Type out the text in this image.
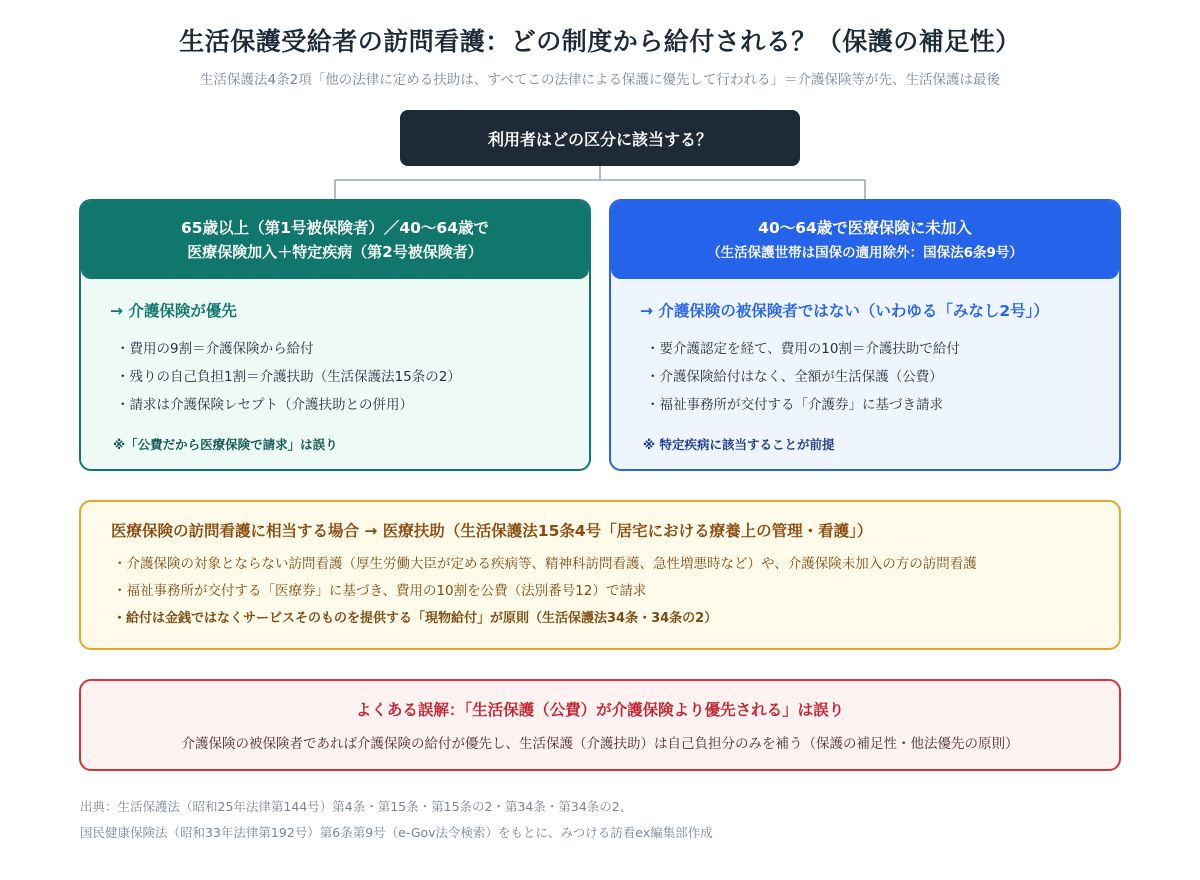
生活保護受給者の訪問看護：どの制度から給付される？（保護の補足性）
生活保護法4条2項「他の法律に定める扶助は、すべてこの法律による保護に優先して行われる」＝介護保険等が先、生活保護は最後
利用者はどの区分に該当する？
65歳以上（第1号被保険者）／40〜64歳で
医療保険加入＋特定疾病（第2号被保険者）
→ 介護保険が優先
・費用の9割＝介護保険から給付
・残りの自己負担1割＝介護扶助（生活保護法15条の2）
・請求は介護保険レセプト（介護扶助との併用）
※「公費だから医療保険で請求」は誤り
40〜64歳で医療保険に未加入
（生活保護世帯は国保の適用除外：国保法6条9号）
→ 介護保険の被保険者ではない（いわゆる「みなし2号」）
・要介護認定を経て、費用の10割＝介護扶助で給付
・介護保険給付はなく、全額が生活保護（公費）
・福祉事務所が交付する「介護券」に基づき請求
※ 特定疾病に該当することが前提
医療保険の訪問看護に相当する場合 → 医療扶助（生活保護法15条4号「居宅における療養上の管理・看護」）
・介護保険の対象とならない訪問看護（厚生労働大臣が定める疾病等、精神科訪問看護、急性増悪時など）や、介護保険未加入の方の訪問看護
・福祉事務所が交付する「医療券」に基づき、費用の10割を公費（法別番号12）で請求
・給付は金銭ではなくサービスそのものを提供する「現物給付」が原則（生活保護法34条・34条の2）
よくある誤解：「生活保護（公費）が介護保険より優先される」は誤り
介護保険の被保険者であれば介護保険の給付が優先し、生活保護（介護扶助）は自己負担分のみを補う（保護の補足性・他法優先の原則）
出典：生活保護法（昭和25年法律第144号）第4条・第15条・第15条の2・第34条・第34条の2、
国民健康保険法（昭和33年法律第192号）第6条第9号（e-Gov法令検索）をもとに、みつける訪看ex編集部作成
